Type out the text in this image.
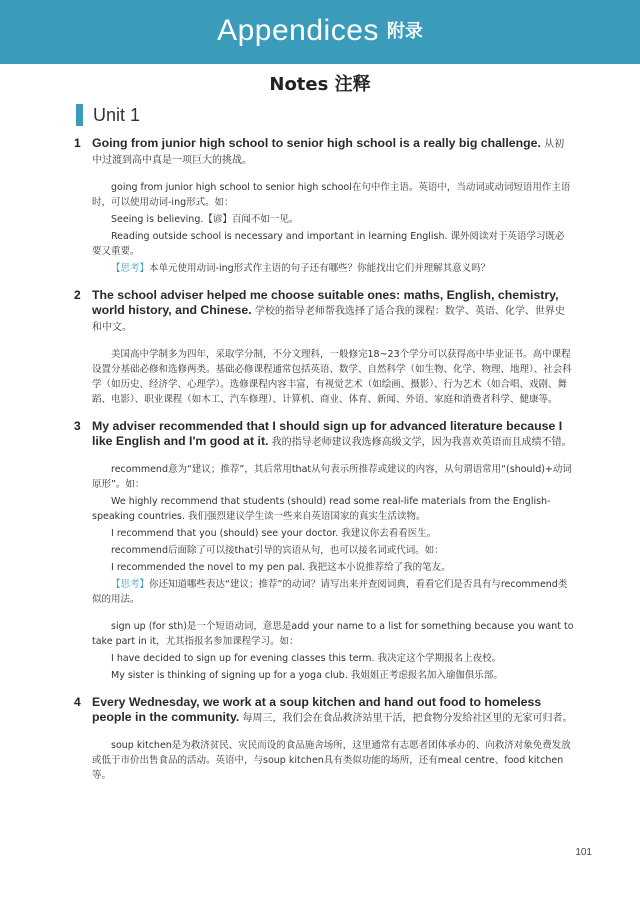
Appendices 附录
Notes 注释
Unit 1
1 Going from junior high school to senior high school is a really big challenge. 从初中过渡到高中真是一项巨大的挑战。
going from junior high school to senior high school在句中作主语。英语中，当动词或动词短语用作主语时，可以使用动词-ing形式。如：
Seeing is believing.【谚】百闻不如一见。
Reading outside school is necessary and important in learning English. 课外阅读对于英语学习既必要又重要。
【思考】本单元使用动词-ing形式作主语的句子还有哪些？你能找出它们并理解其意义吗？
2 The school adviser helped me choose suitable ones: maths, English, chemistry, world history, and Chinese. 学校的指导老师帮我选择了适合我的课程：数学、英语、化学、世界史和中文。
美国高中学制多为四年，采取学分制，不分文理科，一般修完18~23个学分可以获得高中毕业证书。高中课程设置分基础必修和选修两类。基础必修课程通常包括英语、数学、自然科学（如生物、化学、物理、地理）、社会科学（如历史、经济学、心理学）。选修课程内容丰富，有视觉艺术（如绘画、摄影）、行为艺术（如合唱、戏剧、舞蹈、电影）、职业课程（如木工、汽车修理）、计算机、商业、体育、新闻、外语、家庭和消费者科学、健康等。
3 My adviser recommended that I should sign up for advanced literature because I like English and I'm good at it. 我的指导老师建议我选修高级文学，因为我喜欢英语而且成绩不错。
recommend意为“建议；推荐”，其后常用that从句表示所推荐或建议的内容，从句谓语常用“(should)+动词原形”。如：
We highly recommend that students (should) read some real-life materials from the English-speaking countries. 我们强烈建议学生读一些来自英语国家的真实生活读物。
I recommend that you (should) see your doctor. 我建议你去看看医生。
recommend后面除了可以接that引导的宾语从句，也可以接名词或代词。如：
I recommended the novel to my pen pal. 我把这本小说推荐给了我的笔友。
【思考】你还知道哪些表达“建议；推荐”的动词？请写出来并查阅词典，看看它们是否具有与recommend类似的用法。
sign up (for sth)是一个短语动词，意思是add your name to a list for something because you want to take part in it，尤其指报名参加课程学习。如：
I have decided to sign up for evening classes this term. 我决定这个学期报名上夜校。
My sister is thinking of signing up for a yoga club. 我姐姐正考虑报名加入瑜伽俱乐部。
4 Every Wednesday, we work at a soup kitchen and hand out food to homeless people in the community. 每周三，我们会在食品救济站里干活，把食物分发给社区里的无家可归者。
soup kitchen是为救济贫民、灾民而设的食品施舍场所，这里通常有志愿者团体承办的、向救济对象免费发放或低于市价出售食品的活动。英语中，与soup kitchen具有类似功能的场所，还有meal centre、food kitchen等。
101
